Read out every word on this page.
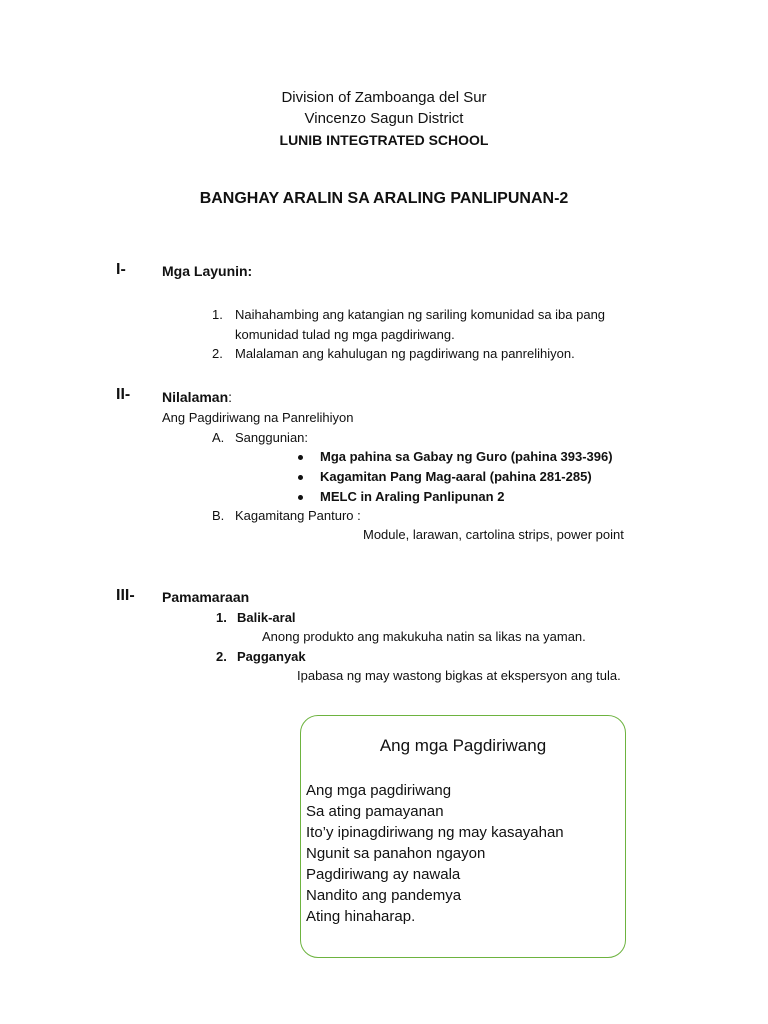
Division of Zamboanga del Sur
Vincenzo Sagun District
LUNIB INTEGTRATED SCHOOL
BANGHAY ARALIN SA ARALING PANLIPUNAN-2
I-	Mga Layunin:
1. Naihahambing ang katangian ng sariling komunidad sa iba pang
komunidad tulad ng mga pagdiriwang.
2. Malalaman ang kahulugan ng pagdiriwang na panrelihiyon.
II- Nilalaman:
Ang Pagdiriwang na Panrelihiyon
A. Sanggunian:
Mga pahina sa Gabay ng Guro (pahina 393-396)
Kagamitan Pang Mag-aaral (pahina 281-285)
MELC in Araling Panlipunan 2
B. Kagamitang Panturo :
Module, larawan, cartolina strips, power point
III- Pamamaraan
1. Balik-aral
Anong produkto ang makukuha natin sa likas na yaman.
2. Pagganyak
Ipabasa ng may wastong bigkas at ekspersyon ang tula.
Ang mga Pagdiriwang
Ang mga pagdiriwang
Sa ating pamayanan
Ito’y ipinagdiriwang ng may kasayahan
Ngunit sa panahon ngayon
Pagdiriwang ay nawala
Nandito ang pandemya
Ating hinaharap.
